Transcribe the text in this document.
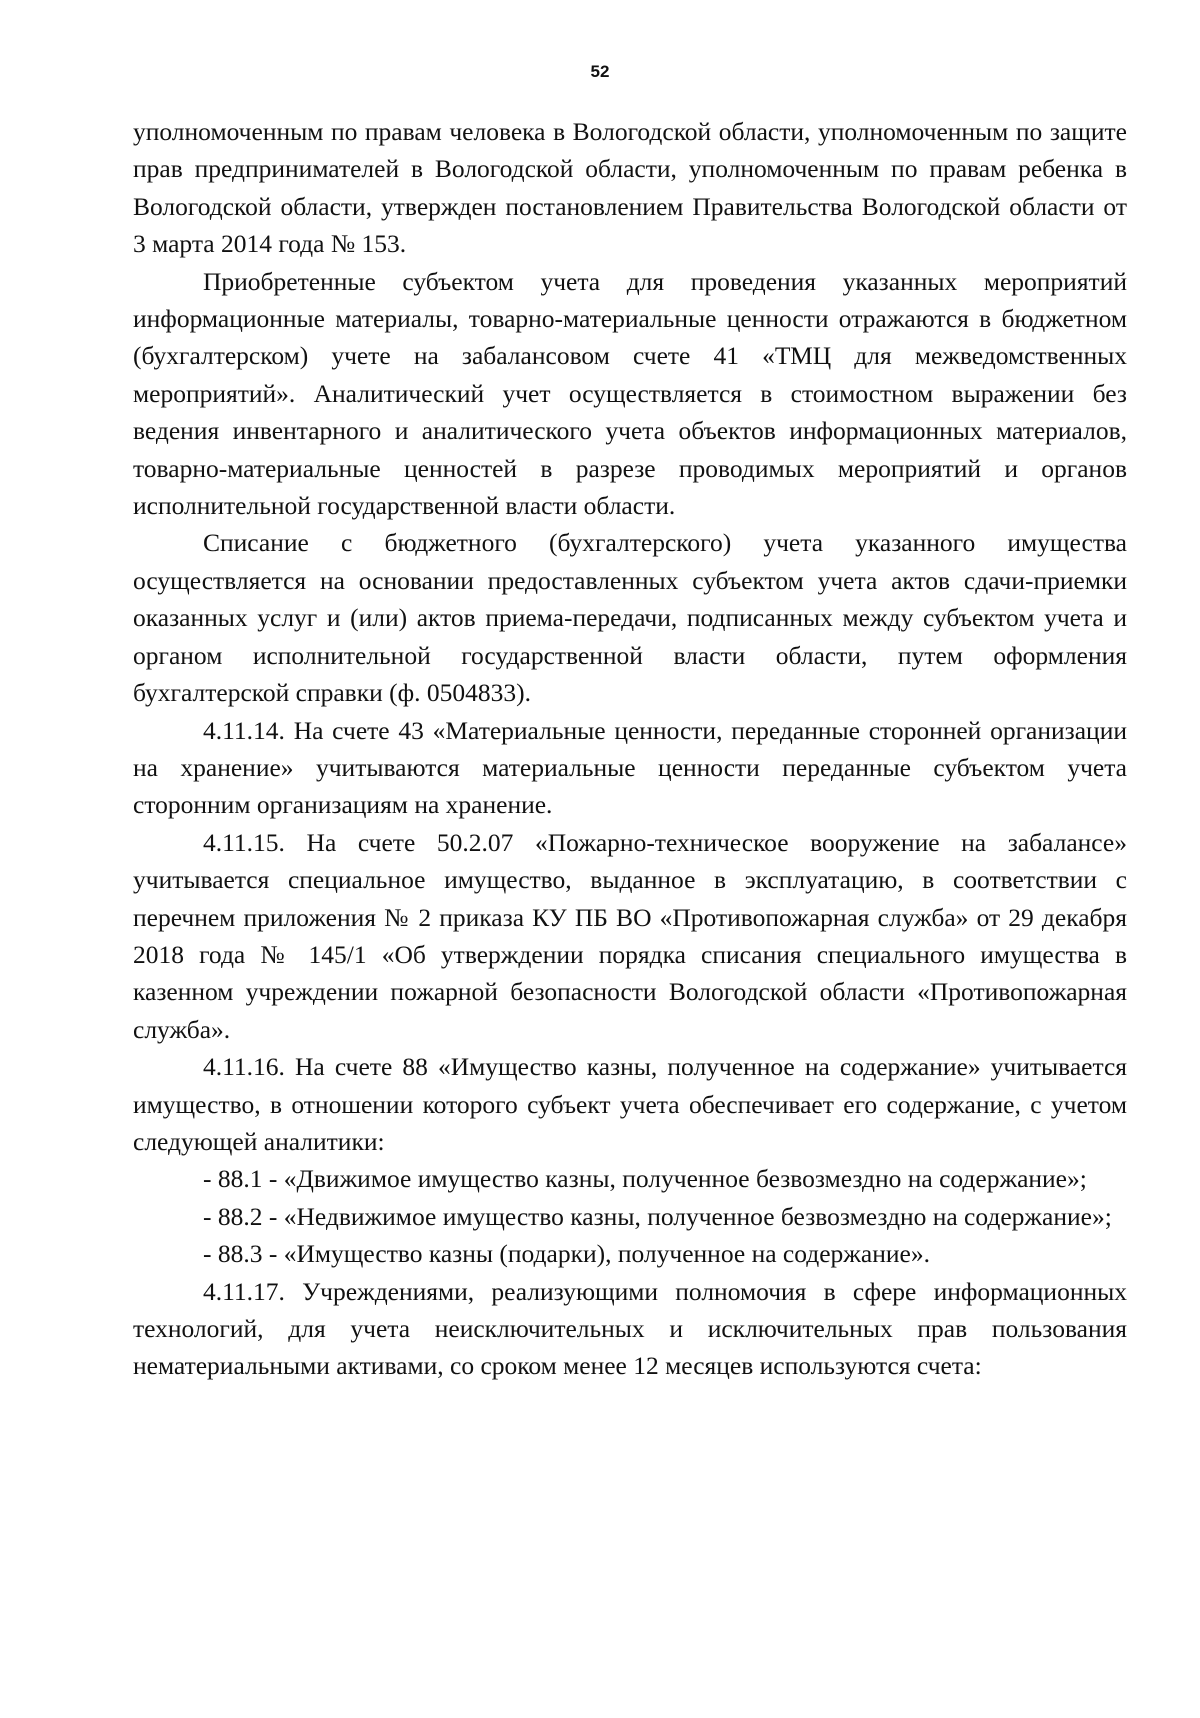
52

уполномоченным по правам человека в Вологодской области, уполномоченным по защите прав предпринимателей в Вологодской области, уполномоченным по правам ребенка в Вологодской области, утвержден постановлением Правительства Вологодской области от 3 марта 2014 года № 153.

Приобретенные субъектом учета для проведения указанных мероприятий информационные материалы, товарно-материальные ценности отражаются в бюджетном (бухгалтерском) учете на забалансовом счете 41 «ТМЦ для межведомственных мероприятий». Аналитический учет осуществляется в стоимостном выражении без ведения инвентарного и аналитического учета объектов информационных материалов, товарно-материальные ценностей в разрезе проводимых мероприятий и органов исполнительной государственной власти области.

Списание с бюджетного (бухгалтерского) учета указанного имущества осуществляется на основании предоставленных субъектом учета актов сдачи-приемки оказанных услуг и (или) актов приема-передачи, подписанных между субъектом учета и органом исполнительной государственной власти области, путем оформления бухгалтерской справки (ф. 0504833).

4.11.14. На счете 43 «Материальные ценности, переданные сторонней организации на хранение» учитываются материальные ценности переданные субъектом учета сторонним организациям на хранение.

4.11.15. На счете 50.2.07 «Пожарно-техническое вооружение на забалансе» учитывается специальное имущество, выданное в эксплуатацию, в соответствии с перечнем приложения № 2 приказа КУ ПБ ВО «Противопожарная служба» от 29 декабря 2018 года № 145/1 «Об утверждении порядка списания специального имущества в казенном учреждении пожарной безопасности Вологодской области «Противопожарная служба».

4.11.16. На счете 88 «Имущество казны, полученное на содержание» учитывается имущество, в отношении которого субъект учета обеспечивает его содержание, с учетом следующей аналитики:

- 88.1 - «Движимое имущество казны, полученное безвозмездно на содержание»;

- 88.2 - «Недвижимое имущество казны, полученное безвозмездно на содержание»;

- 88.3 - «Имущество казны (подарки), полученное на содержание».

4.11.17. Учреждениями, реализующими полномочия в сфере информационных технологий, для учета неисключительных и исключительных прав пользования нематериальными активами, со сроком менее 12 месяцев используются счета:
